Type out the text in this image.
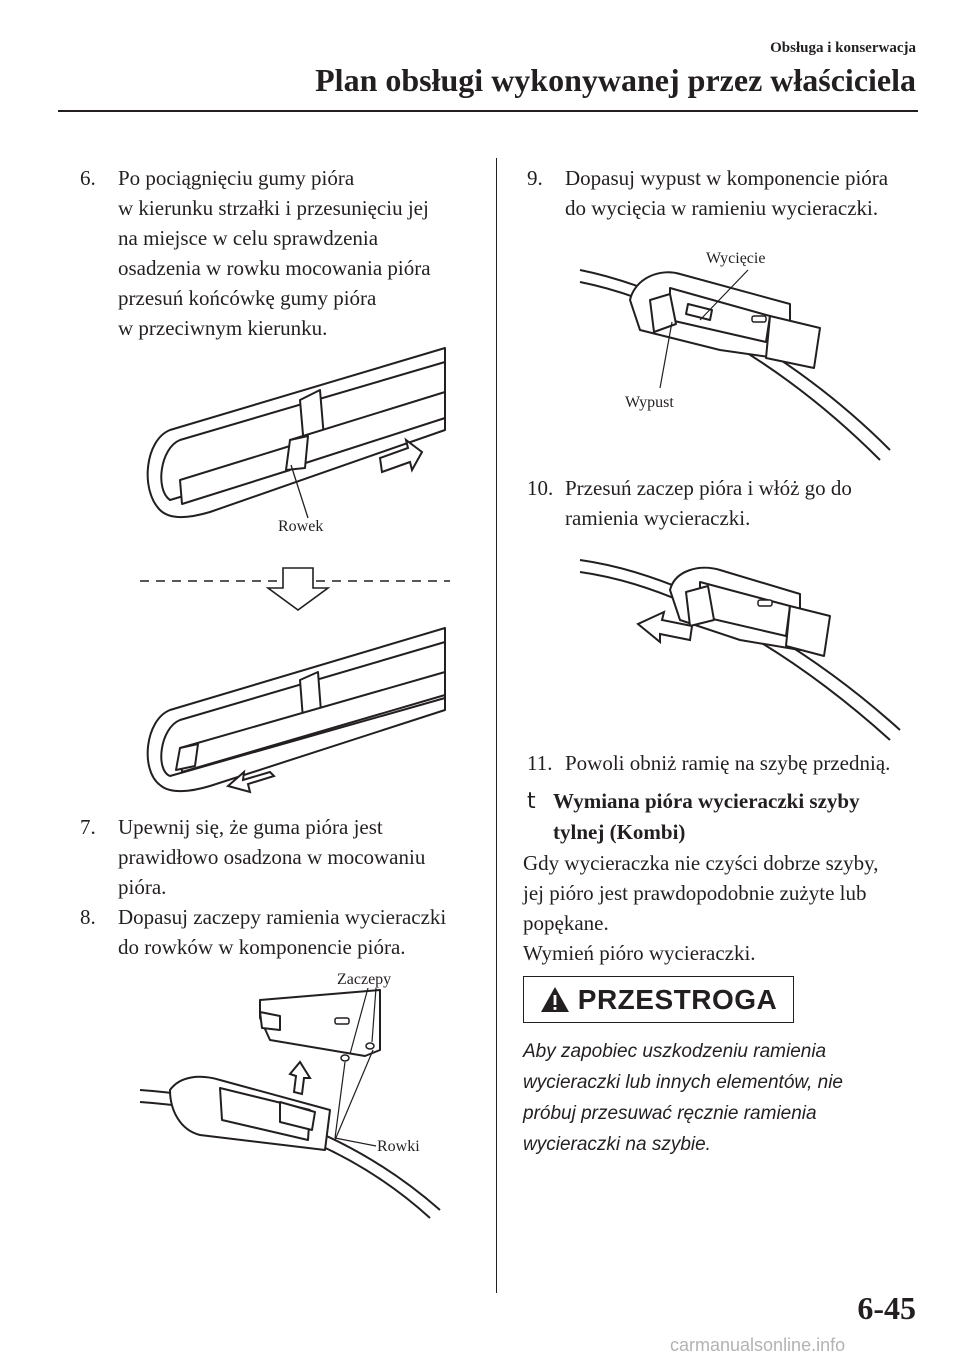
Obsługa i konserwacja
Plan obsługi wykonywanej przez właściciela
6.	Po pociągnięciu gumy pióra
w kierunku strzałki i przesunięciu jej
na miejsce w celu sprawdzenia
osadzenia w rowku mocowania pióra
przesuń końcówkę gumy pióra
w przeciwnym kierunku.
Rowek
7.	Upewnij się, że guma pióra jest
prawidłowo osadzona w mocowaniu
pióra.
8.	Dopasuj zaczepy ramienia wycieraczki
do rowków w komponencie pióra.
Zaczepy
Rowki
9.	Dopasuj wypust w komponencie pióra
do wycięcia w ramieniu wycieraczki.
Wycięcie
Wypust
10. Przesuń zaczep pióra i włóż go do
ramienia wycieraczki.
11. Powoli obniż ramię na szybę przednią.
t Wymiana pióra wycieraczki szyby
tylnej (Kombi)
Gdy wycieraczka nie czyści dobrze szyby,
jej pióro jest prawdopodobnie zużyte lub
popękane.
Wymień pióro wycieraczki.
PRZESTROGA
Aby zapobiec uszkodzeniu ramienia
wycieraczki lub innych elementów, nie
próbuj przesuwać ręcznie ramienia
wycieraczki na szybie.
6-45
carmanualsonline.info
